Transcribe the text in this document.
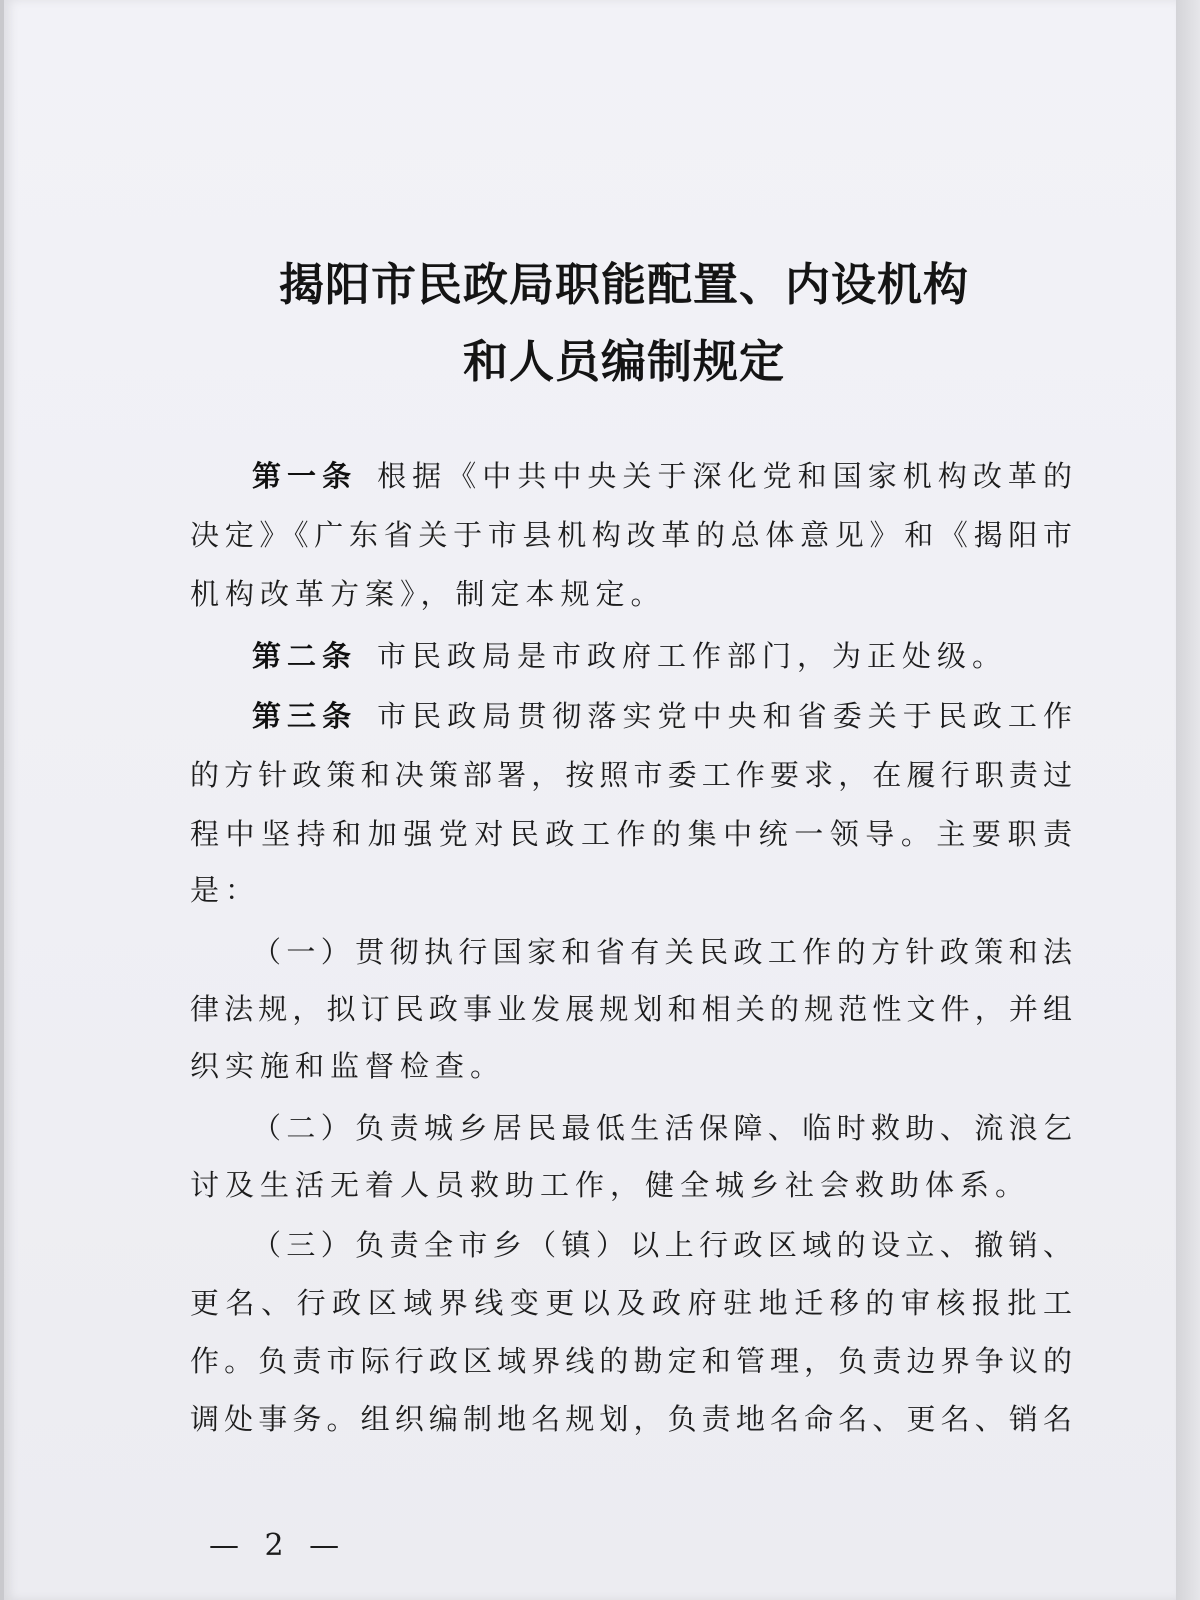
揭阳市民政局职能配置、内设机构
和人员编制规定
第一条 根据《中共中央关于深化党和国家机构改革的
决定》《广东省关于市县机构改革的总体意见》和《揭阳市
机构改革方案》，制定本规定。
第二条 市民政局是市政府工作部门，为正处级。
第三条 市民政局贯彻落实党中央和省委关于民政工作
的方针政策和决策部署，按照市委工作要求，在履行职责过
程中坚持和加强党对民政工作的集中统一领导。主要职责
是：
（一）贯彻执行国家和省有关民政工作的方针政策和法
律法规，拟订民政事业发展规划和相关的规范性文件，并组
织实施和监督检查。
（二）负责城乡居民最低生活保障、临时救助、流浪乞
讨及生活无着人员救助工作，健全城乡社会救助体系。
（三）负责全市乡（镇）以上行政区域的设立、撤销、
更名、行政区域界线变更以及政府驻地迁移的审核报批工
作。负责市际行政区域界线的勘定和管理，负责边界争议的
调处事务。组织编制地名规划，负责地名命名、更名、销名
— 2 —
